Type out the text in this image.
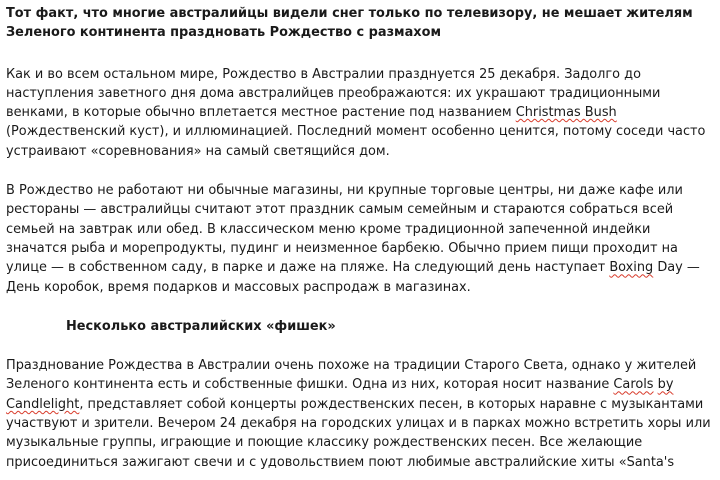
Тот факт, что многие австралийцы видели снег только по телевизору, не мешает жителям Зеленого континента праздновать Рождество с размахом

Как и во всем остальном мире, Рождество в Австралии празднуется 25 декабря. Задолго до наступления заветного дня дома австралийцев преображаются: их украшают традиционными венками, в которые обычно вплетается местное растение под названием Christmas Bush (Рождественский куст), и иллюминацией. Последний момент особенно ценится, потому соседи часто устраивают «соревнования» на самый светящийся дом.

В Рождество не работают ни обычные магазины, ни крупные торговые центры, ни даже кафе или рестораны — австралийцы считают этот праздник самым семейным и стараются собраться всей семьей на завтрак или обед. В классическом меню кроме традиционной запеченной индейки значатся рыба и морепродукты, пудинг и неизменное барбекю. Обычно прием пищи проходит на улице — в собственном саду, в парке и даже на пляже. На следующий день наступает Boxing Day — День коробок, время подарков и массовых распродаж в магазинах.

Несколько австралийских «фишек»

Празднование Рождества в Австралии очень похоже на традиции Старого Света, однако у жителей Зеленого континента есть и собственные фишки. Одна из них, которая носит название Carols by Candlelight, представляет собой концерты рождественских песен, в которых наравне с музыкантами участвуют и зрители. Вечером 24 декабря на городских улицах и в парках можно встретить хоры или музыкальные группы, играющие и поющие классику рождественских песен. Все желающие присоединиться зажигают свечи и с удовольствием поют любимые австралийские хиты «Santa's
